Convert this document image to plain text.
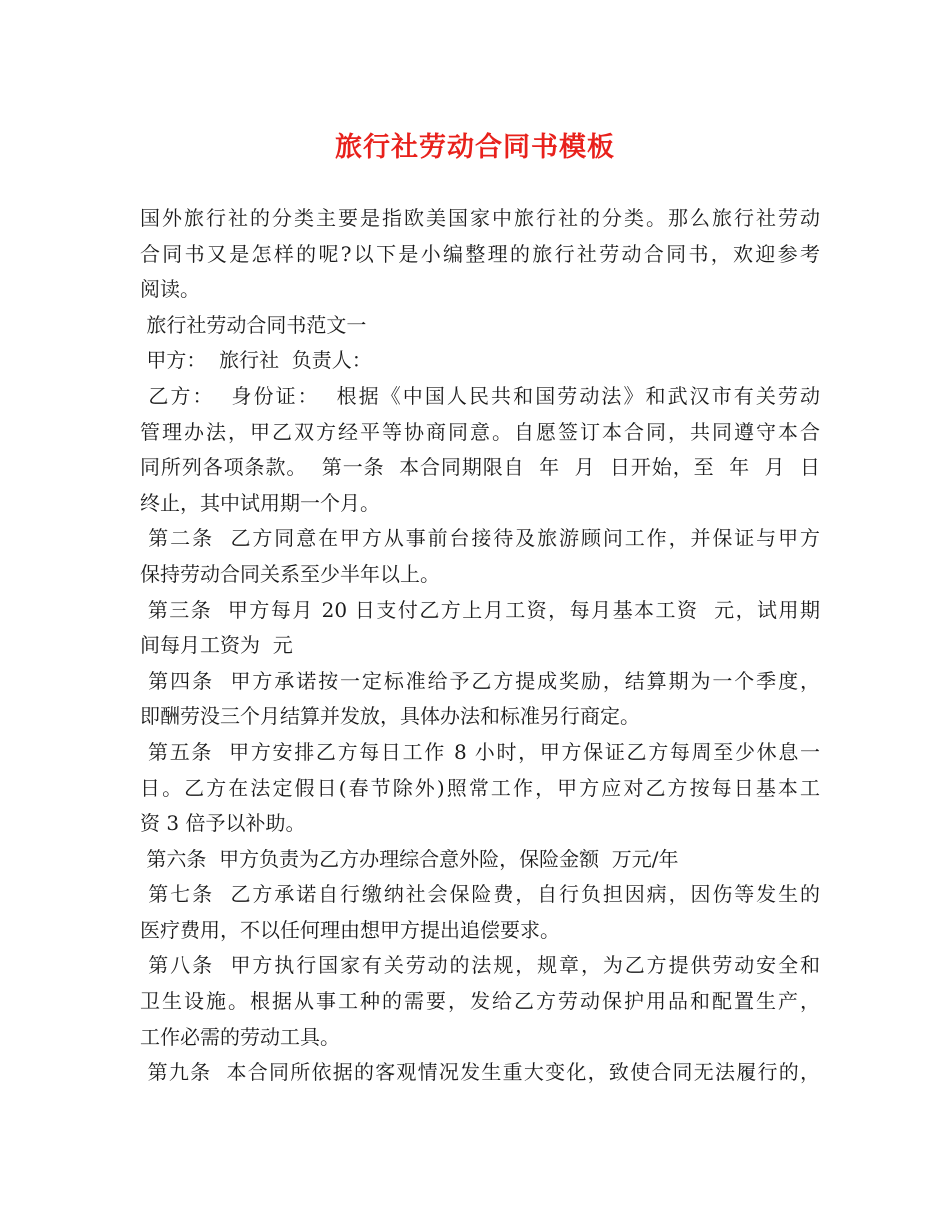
旅行社劳动合同书模板
国外旅行社的分类主要是指欧美国家中旅行社的分类。那么旅行社劳动
合同书又是怎样的呢?以下是小编整理的旅行社劳动合同书，欢迎参考
阅读。
旅行社劳动合同书范文一
甲方：  旅行社  负责人：
乙方：  身份证：  根据《中国人民共和国劳动法》和武汉市有关劳动
管理办法，甲乙双方经平等协商同意。自愿签订本合同，共同遵守本合
同所列各项条款。  第一条  本合同期限自  年  月  日开始，至  年  月  日
终止，其中试用期一个月。
第二条  乙方同意在甲方从事前台接待及旅游顾问工作，并保证与甲方
保持劳动合同关系至少半年以上。
第三条  甲方每月 20 日支付乙方上月工资，每月基本工资  元，试用期
间每月工资为  元
第四条  甲方承诺按一定标准给予乙方提成奖励，结算期为一个季度，
即酬劳没三个月结算并发放，具体办法和标准另行商定。
第五条  甲方安排乙方每日工作 8 小时，甲方保证乙方每周至少休息一
日。乙方在法定假日(春节除外)照常工作，甲方应对乙方按每日基本工
资 3 倍予以补助。
第六条  甲方负责为乙方办理综合意外险，保险金额  万元/年
第七条  乙方承诺自行缴纳社会保险费，自行负担因病，因伤等发生的
医疗费用，不以任何理由想甲方提出追偿要求。
第八条  甲方执行国家有关劳动的法规，规章，为乙方提供劳动安全和
卫生设施。根据从事工种的需要，发给乙方劳动保护用品和配置生产，
工作必需的劳动工具。
第九条  本合同所依据的客观情况发生重大变化，致使合同无法履行的，
